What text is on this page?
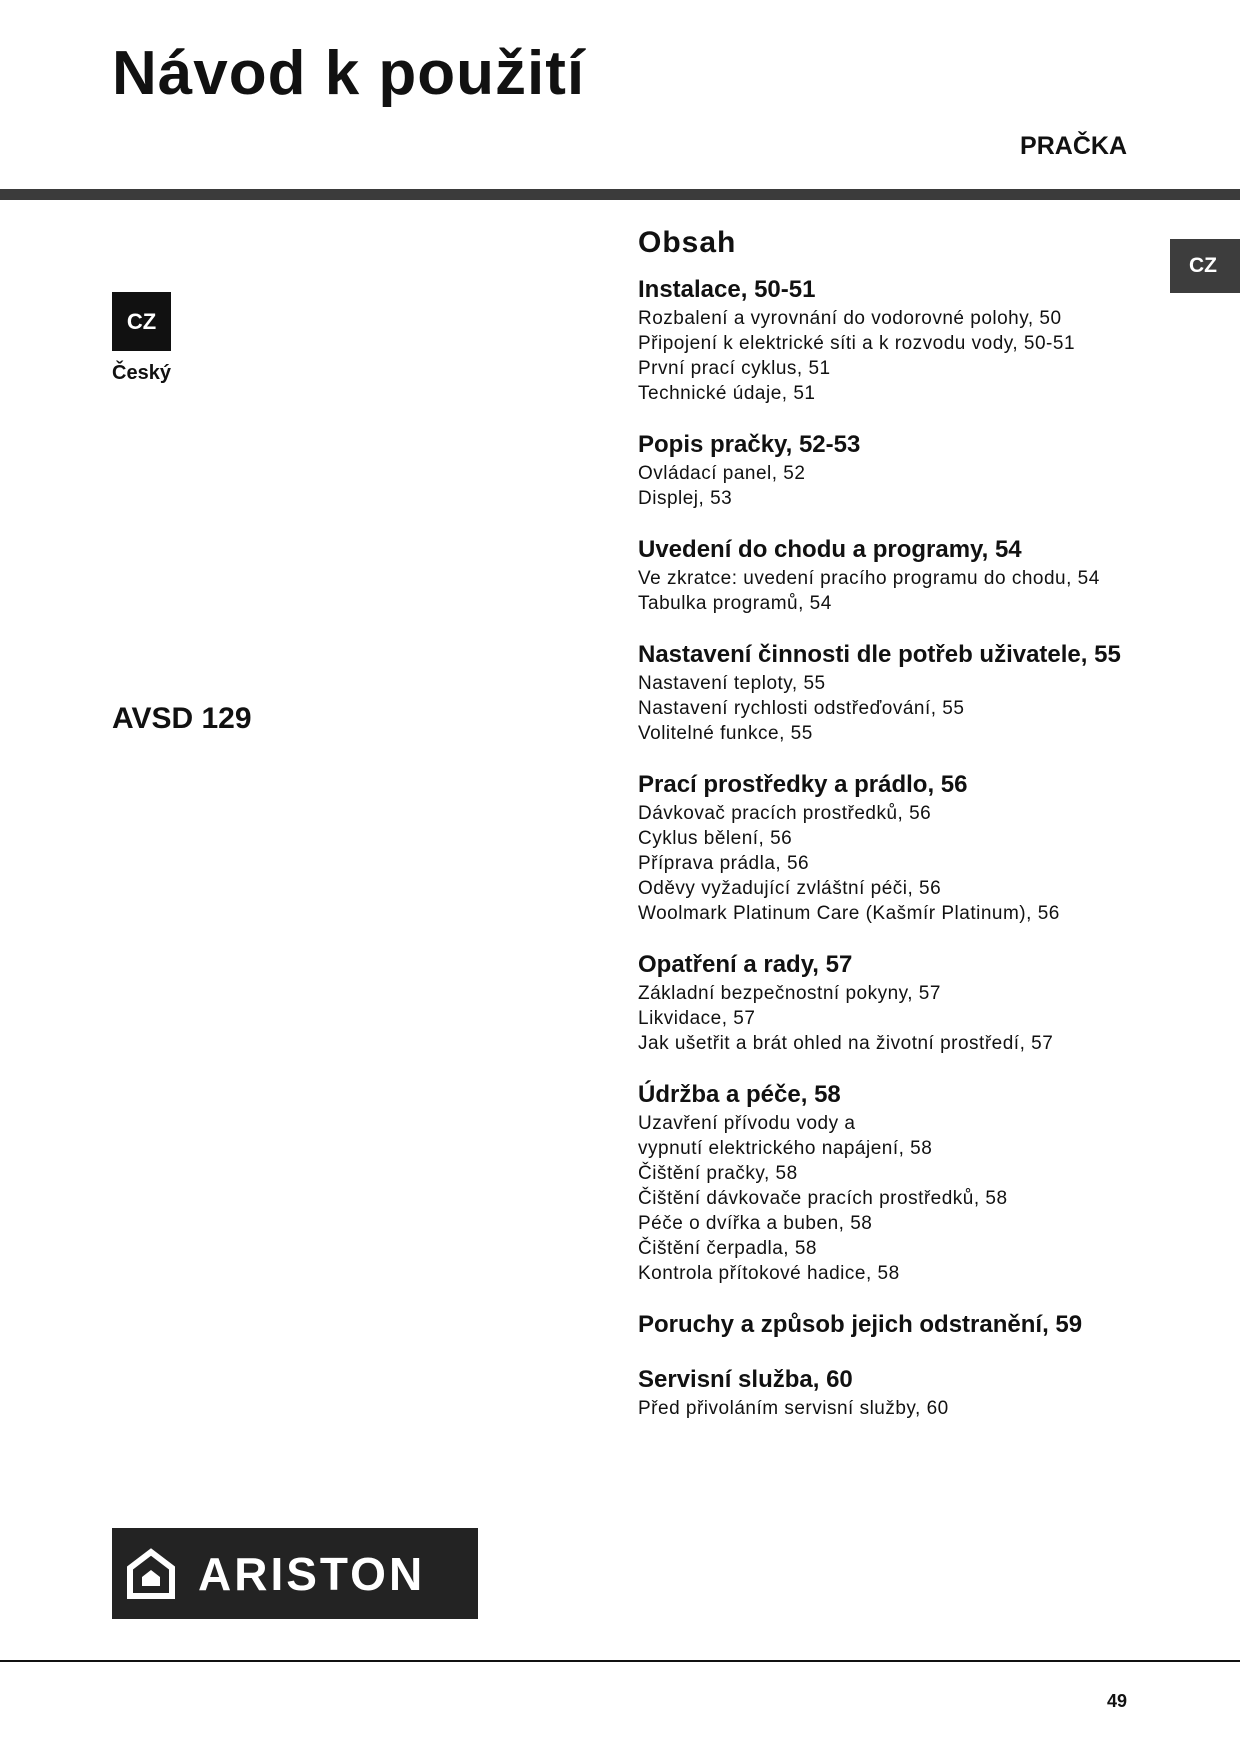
Návod k použití
PRAČKA
CZ
CZ
Český
AVSD 129
Obsah
Instalace, 50-51
Rozbalení a vyrovnání do vodorovné polohy, 50
Připojení k elektrické síti a k rozvodu vody, 50-51
První prací cyklus, 51
Technické údaje, 51
Popis pračky, 52-53
Ovládací panel, 52
Displej, 53
Uvedení do chodu a programy, 54
Ve zkratce: uvedení pracího programu do chodu, 54
Tabulka programů, 54
Nastavení činnosti dle potřeb uživatele, 55
Nastavení teploty, 55
Nastavení rychlosti odstřeďování, 55
Volitelné funkce, 55
Prací prostředky a prádlo, 56
Dávkovač pracích prostředků, 56
Cyklus bělení, 56
Příprava prádla, 56
Oděvy vyžadující zvláštní péči, 56
Woolmark Platinum Care (Kašmír Platinum), 56
Opatření a rady, 57
Základní bezpečnostní pokyny, 57
Likvidace, 57
Jak ušetřit a brát ohled na životní prostředí, 57
Údržba a péče, 58
Uzavření přívodu vody a
vypnutí elektrického napájení, 58
Čištění pračky, 58
Čištění dávkovače pracích prostředků, 58
Péče o dvířka a buben, 58
Čištění čerpadla, 58
Kontrola přítokové hadice, 58
Poruchy a způsob jejich odstranění, 59
Servisní služba, 60
Před přivoláním servisní služby, 60
ARISTON
49
